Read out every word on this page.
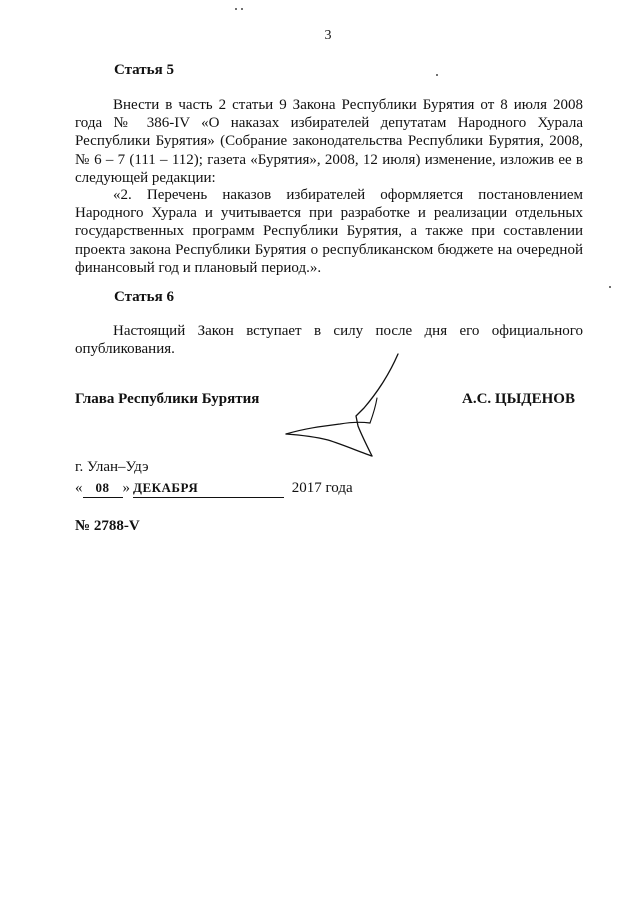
3
Статья 5

Внести в часть 2 статьи 9 Закона Республики Бурятия от 8 июля 2008 года № 386-IV «О наказах избирателей депутатам Народного Хурала Республики Бурятия» (Собрание законодательства Республики Бурятия, 2008, № 6 – 7 (111 – 112); газета «Бурятия», 2008, 12 июля) изменение, изложив ее в следующей редакции:

«2. Перечень наказов избирателей оформляется постановлением Народного Хурала и учитывается при разработке и реализации отдельных государственных программ Республики Бурятия, а также при составлении проекта закона Республики Бурятия о республиканском бюджете на очередной финансовый год и плановый период.».

Статья 6

Настоящий Закон вступает в силу после дня его официального опубликования.

Глава Республики Бурятия	А.С. ЦЫДЕНОВ
г. Улан–Удэ
« 08 » ДЕКАБРЯ	2017 года
№ 2788-V
